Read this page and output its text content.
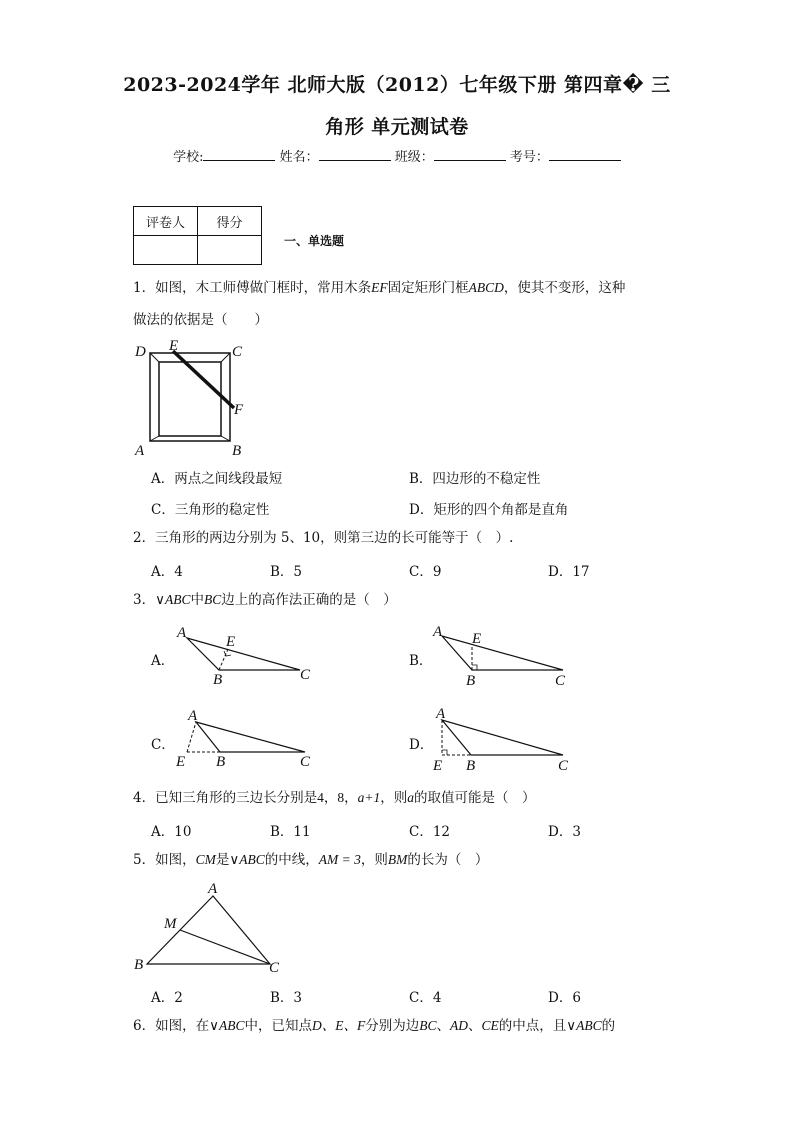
2023-2024学年 北师大版（2012）七年级下册 第四章� 三
角形 单元测试卷
学校:	姓名：	班级：	考号：
评卷人	得分

一、单选题
1．如图，木工师傅做门框时，常用木条EF固定矩形门框ABCD，使其不变形，这种
做法的依据是（　　）
D E	C
F
A	B
A．两点之间线段最短	B．四边形的不稳定性
C．三角形的稳定性	D．矩形的四个角都是直角
2．三角形的两边分别为 5、10，则第三边的长可能等于（　）.
A．4	B．5	C．9	D．17
3．∨ABC中BC边上的高作法正确的是（　）
A．
A
E
B	C
B．
A E
B	C
C．
A
E B	C
D．
A
E B	C
4．已知三角形的三边长分别是4，8，a+1，则a的取值可能是（　）
A．10	B．11	C．12	D．3
5．如图，CM是∨ABC的中线，AM = 3，则BM的长为（　）
A
M
B	C
A．2	B．3	C．4	D．6
6．如图，在∨ABC中，已知点D、E、F分别为边BC、AD、CE的中点，且∨ABC的
